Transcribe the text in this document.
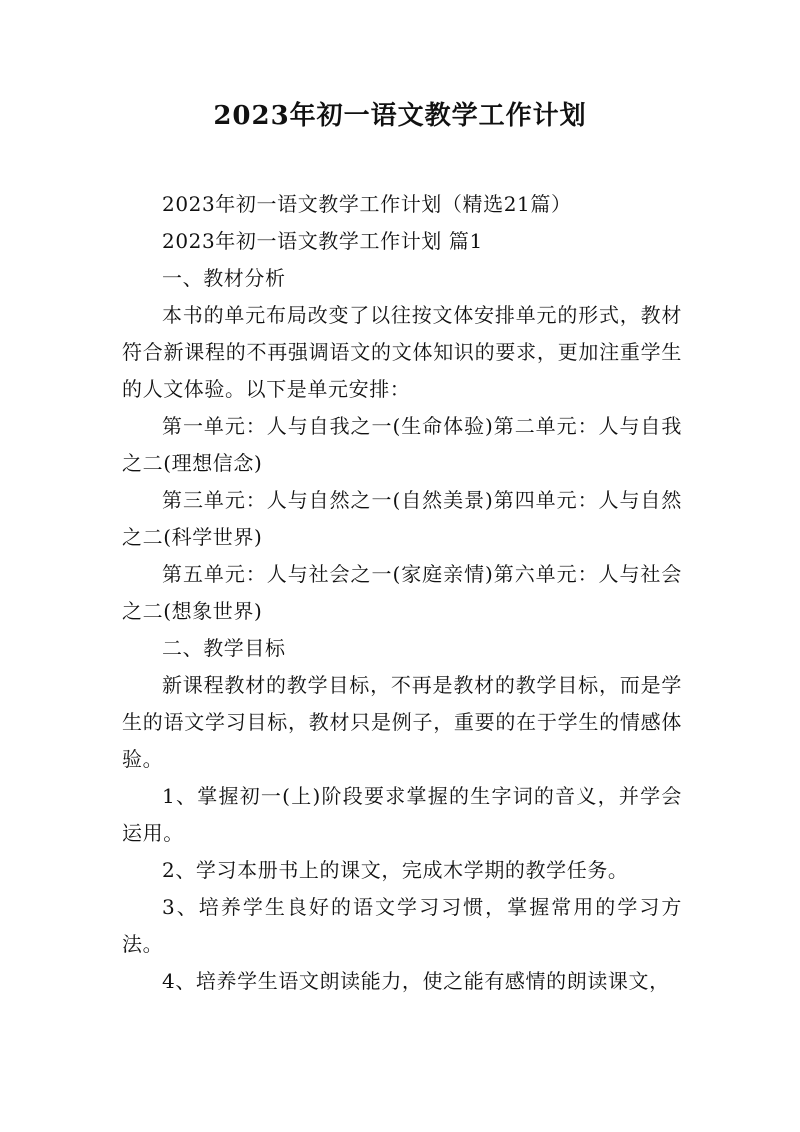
2023年初一语文教学工作计划

2023年初一语文教学工作计划（精选21篇）

2023年初一语文教学工作计划 篇1

一、教材分析

本书的单元布局改变了以往按文体安排单元的形式，教材符合新课程的不再强调语文的文体知识的要求，更加注重学生的人文体验。以下是单元安排：

第一单元：人与自我之一(生命体验)第二单元：人与自我之二(理想信念)

第三单元：人与自然之一(自然美景)第四单元：人与自然之二(科学世界)

第五单元：人与社会之一(家庭亲情)第六单元：人与社会之二(想象世界)

二、教学目标

新课程教材的教学目标，不再是教材的教学目标，而是学生的语文学习目标，教材只是例子，重要的在于学生的情感体验。

1、掌握初一(上)阶段要求掌握的生字词的音义，并学会运用。

2、学习本册书上的课文，完成木学期的教学任务。

3、培养学生良好的语文学习习惯，掌握常用的学习方法。

4、培养学生语文朗读能力，使之能有感情的朗读课文，
